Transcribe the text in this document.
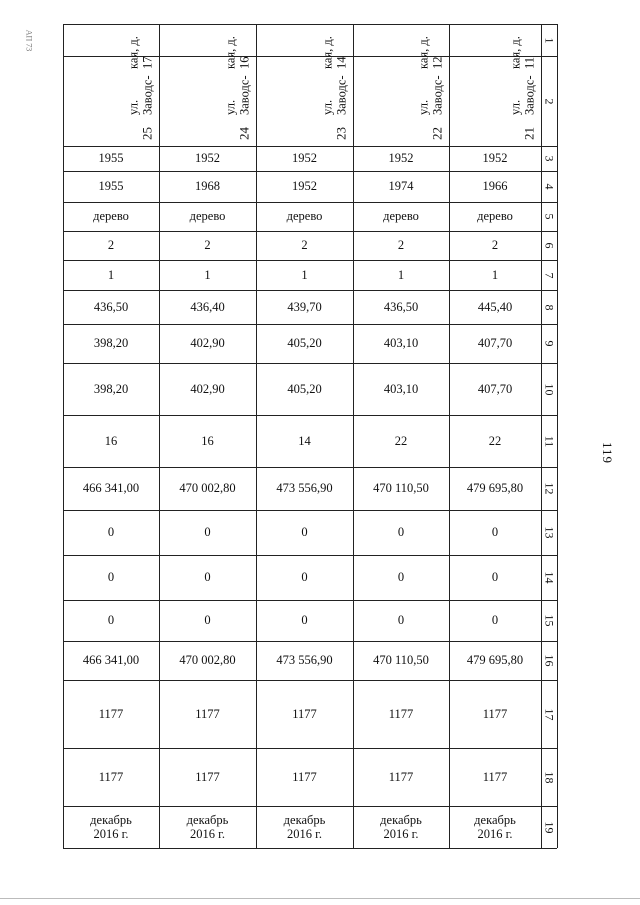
1
2
3
4
5
6
7
8
9
10
11
12
13
14
15
16
17
18
19
21
ул. Заводс-
кая, д. 11
1952
1966
дерево
2
1
445,40
407,70
407,70
22
479 695,80
0
0
0
479 695,80
1177
1177
декабрь 2016 г.
22
ул. Заводс-
кая, д. 12
1952
1974
дерево
2
1
436,50
403,10
403,10
22
470 110,50
0
0
0
470 110,50
1177
1177
декабрь 2016 г.
23
ул. Заводс-
кая, д. 14
1952
1952
дерево
2
1
439,70
405,20
405,20
14
473 556,90
0
0
0
473 556,90
1177
1177
декабрь 2016 г.
24
ул. Заводс-
кая, д. 16
1952
1968
дерево
2
1
436,40
402,90
402,90
16
470 002,80
0
0
0
470 002,80
1177
1177
декабрь 2016 г.
25
ул. Заводс-
кая, д. 17
1955
1955
дерево
2
1
436,50
398,20
398,20
16
466 341,00
0
0
0
466 341,00
1177
1177
декабрь 2016 г.
119
АП 73
